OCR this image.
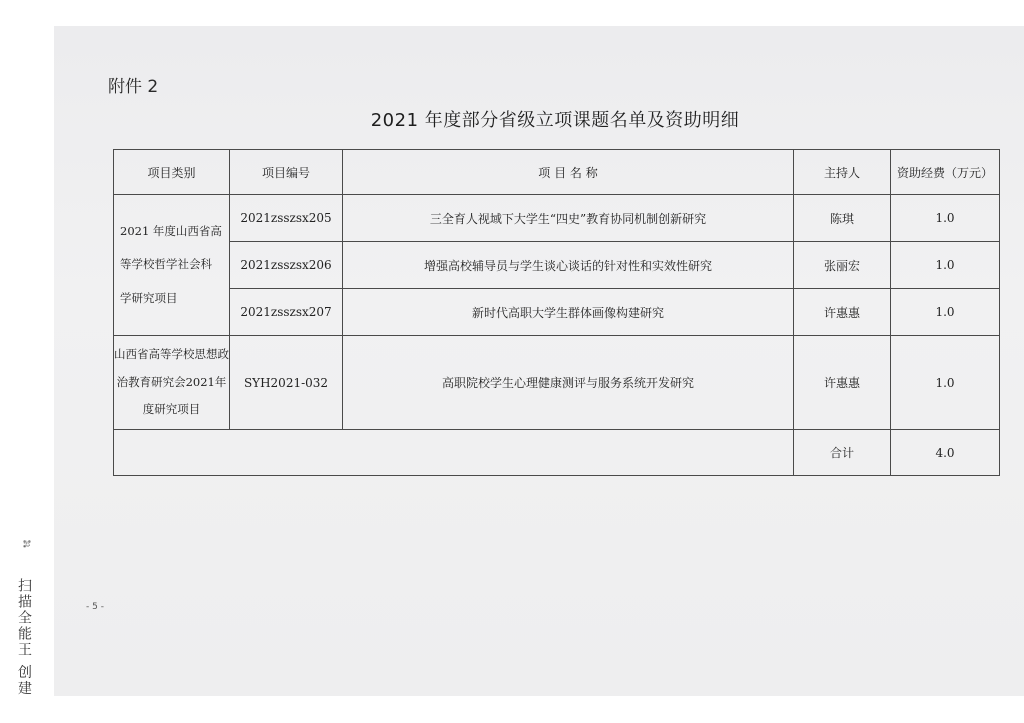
附件 2
2021 年度部分省级立项课题名单及资助明细
项目类别	项目编号	项 目 名 称	主持人	资助经费（万元）
2021 年度山西省高等学校哲学社会科学研究项目	2021zsszsx205	三全育人视域下大学生“四史”教育协同机制创新研究	陈琪	1.0
	2021zsszsx206	增强高校辅导员与学生谈心谈话的针对性和实效性研究	张丽宏	1.0
	2021zsszsx207	新时代高职大学生群体画像构建研究	许惠惠	1.0
山西省高等学校思想政治教育研究会2021年度研究项目	SYH2021-032	高职院校学生心理健康测评与服务系统开发研究	许惠惠	1.0
			合计	4.0
- 5 -
扫描全能王 创建
